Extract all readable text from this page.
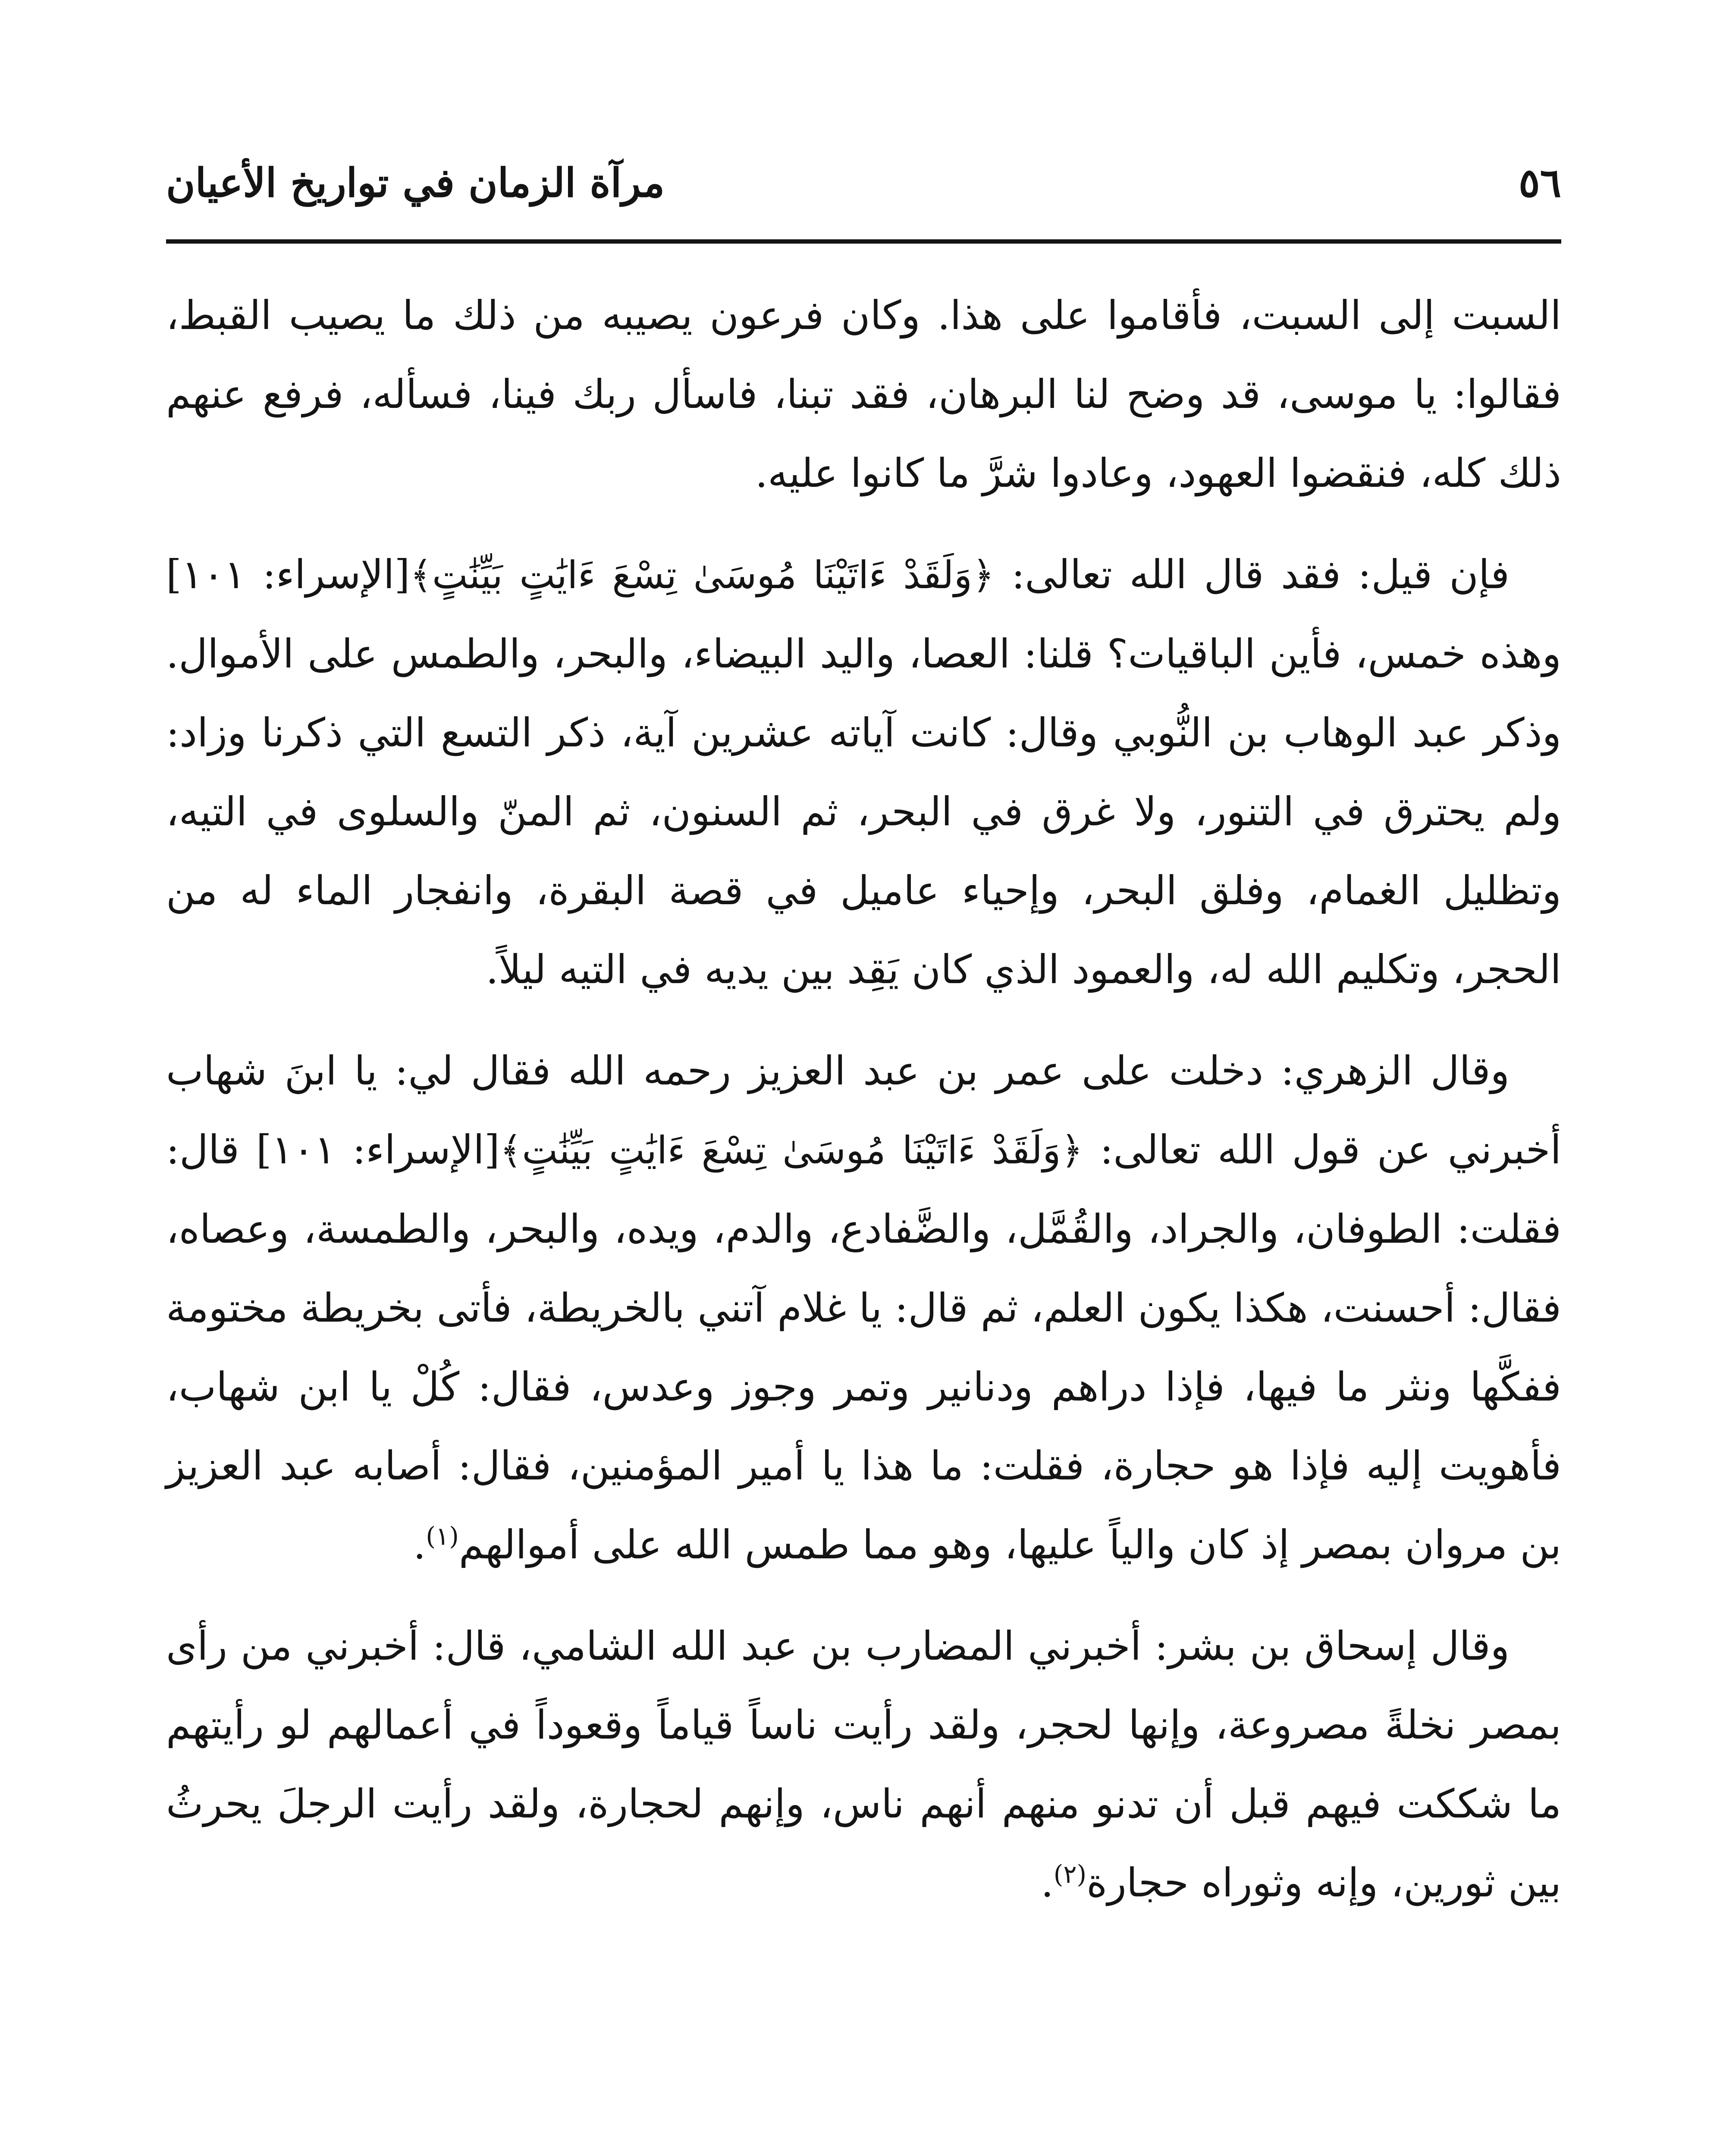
٥٦
مرآة الزمان في تواريخ الأعيان

السبت إلى السبت، فأقاموا على هذا. وكان فرعون يصيبه من ذلك ما يصيب القبط، فقالوا: يا موسى، قد وضح لنا البرهان، فقد تبنا، فاسأل ربك فينا، فسأله، فرفع عنهم ذلك كله، فنقضوا العهود، وعادوا شرَّ ما كانوا عليه.

فإن قيل: فقد قال الله تعالى: ﴿وَلَقَدْ ءَاتَيْنَا مُوسَىٰ تِسْعَ ءَايَٰتٍ بَيِّنَٰتٍ﴾[الإسراء: ١٠١] وهذه خمس، فأين الباقيات؟ قلنا: العصا، واليد البيضاء، والبحر، والطمس على الأموال. وذكر عبد الوهاب بن النُّوبي وقال: كانت آياته عشرين آية، ذكر التسع التي ذكرنا وزاد: ولم يحترق في التنور، ولا غرق في البحر، ثم السنون، ثم المنّ والسلوى في التيه، وتظليل الغمام، وفلق البحر، وإحياء عاميل في قصة البقرة، وانفجار الماء له من الحجر، وتكليم الله له، والعمود الذي كان يَقِد بين يديه في التيه ليلاً.

وقال الزهري: دخلت على عمر بن عبد العزيز رحمه الله فقال لي: يا ابنَ شهاب أخبرني عن قول الله تعالى: ﴿وَلَقَدْ ءَاتَيْنَا مُوسَىٰ تِسْعَ ءَايَٰتٍ بَيِّنَٰتٍ﴾[الإسراء: ١٠١] قال: فقلت: الطوفان، والجراد، والقُمَّل، والضَّفادع، والدم، ويده، والبحر، والطمسة، وعصاه، فقال: أحسنت، هكذا يكون العلم، ثم قال: يا غلام آتني بالخريطة، فأتى بخريطة مختومة ففكَّها ونثر ما فيها، فإذا دراهم ودنانير وتمر وجوز وعدس، فقال: كُلْ يا ابن شهاب، فأهويت إليه فإذا هو حجارة، فقلت: ما هذا يا أمير المؤمنين، فقال: أصابه عبد العزيز بن مروان بمصر إذ كان والياً عليها، وهو مما طمس الله على أموالهم$^{(١)}$.

وقال إسحاق بن بشر: أخبرني المضارب بن عبد الله الشامي، قال: أخبرني من رأى بمصر نخلةً مصروعة، وإنها لحجر، ولقد رأيت ناساً قياماً وقعوداً في أعمالهم لو رأيتهم ما شككت فيهم قبل أن تدنو منهم أنهم ناس، وإنهم لحجارة، ولقد رأيت الرجلَ يحرثُ بين ثورين، وإنه وثوراه حجارة$^{(٢)}$.
